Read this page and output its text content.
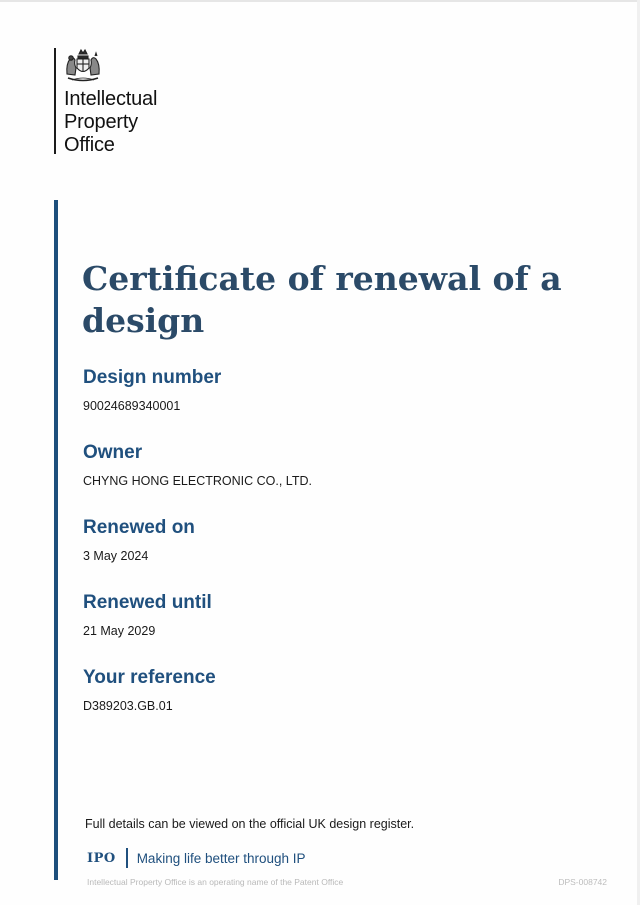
Intellectual
Property
Office
Certificate of renewal of a design
Design number
90024689340001
Owner
CHYNG HONG ELECTRONIC CO., LTD.
Renewed on
3 May 2024
Renewed until
21 May 2029
Your reference
D389203.GB.01
Full details can be viewed on the official UK design register.
IPO Making life better through IP
Intellectual Property Office is an operating name of the Patent Office	DPS-008742
